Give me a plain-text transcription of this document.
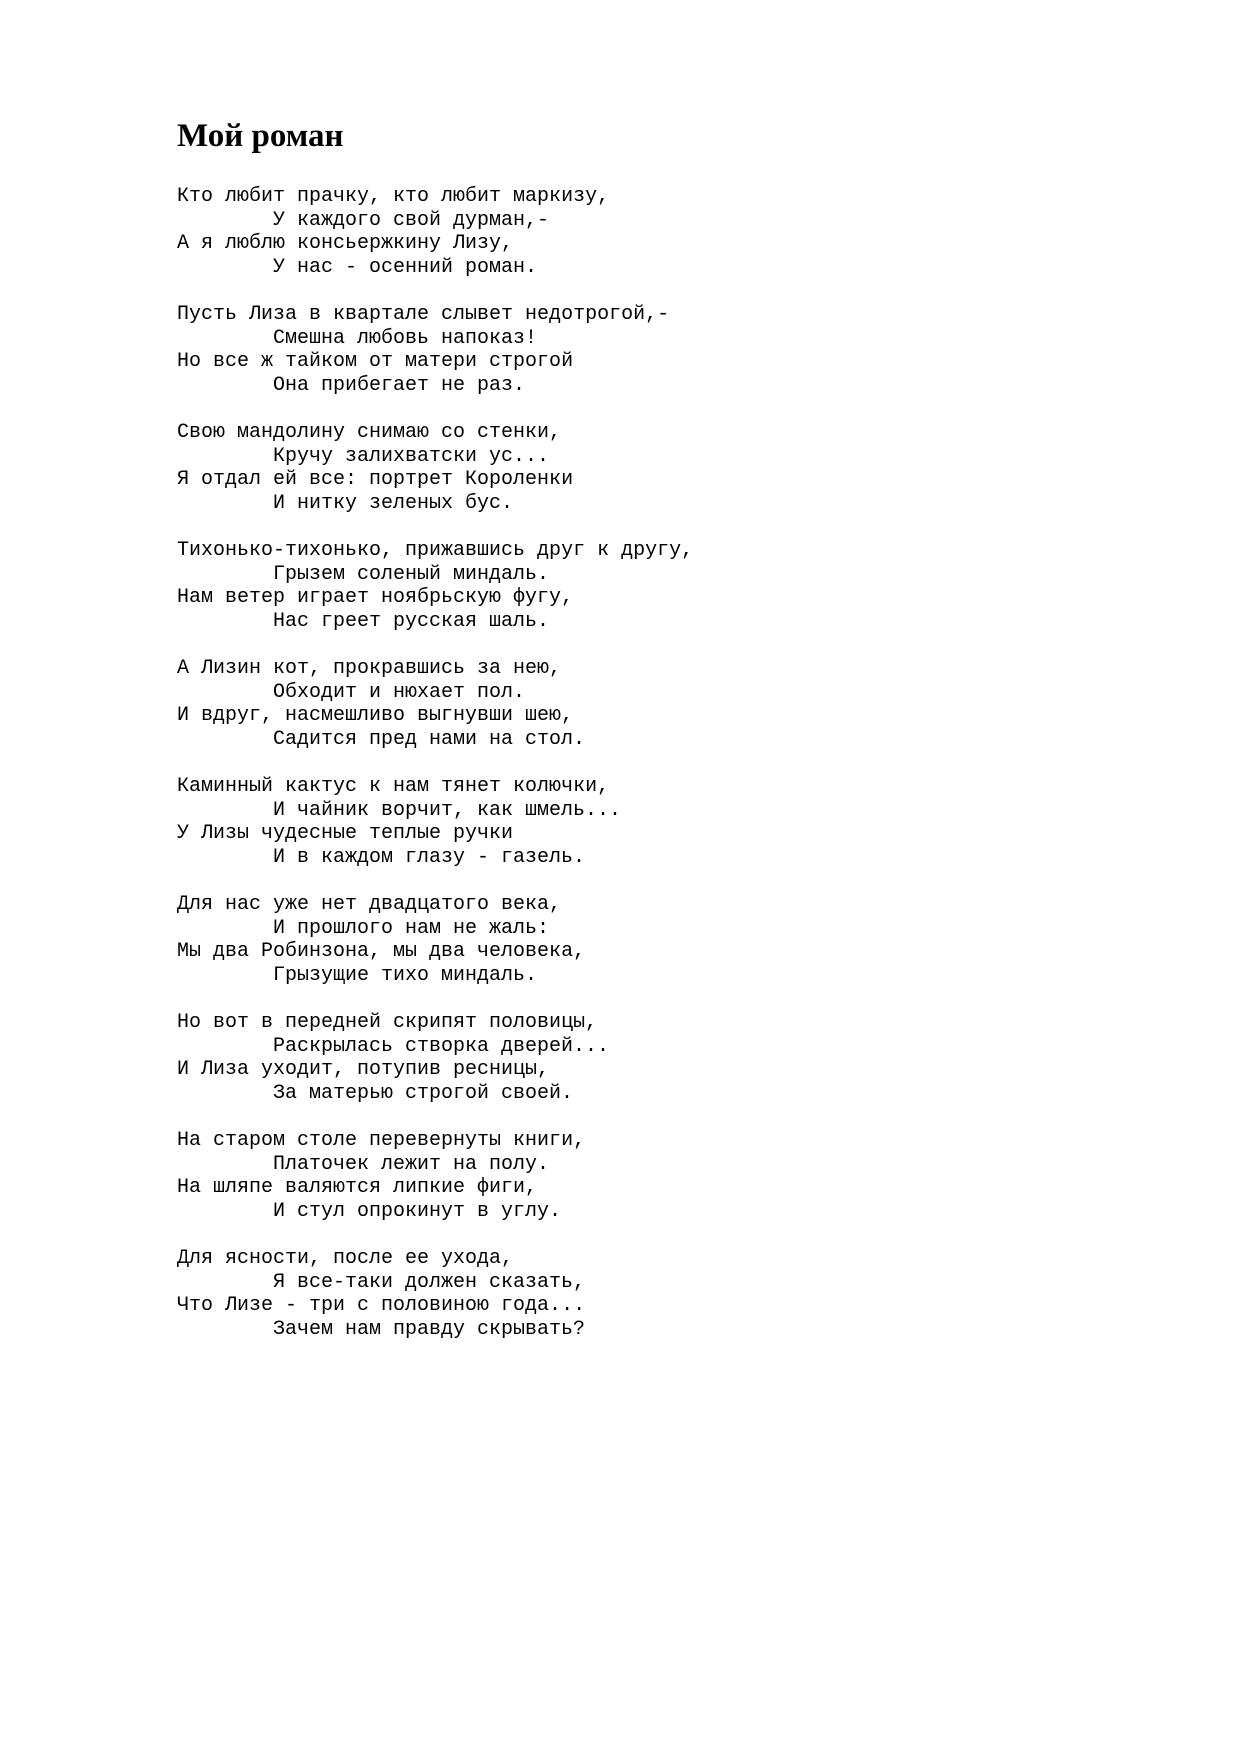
Мой роман
Кто любит прачку, кто любит маркизу,
У каждого свой дурман,-
А я люблю консьержкину Лизу,
У нас - осенний роман.
Пусть Лиза в квартале слывет недотрогой,-
Смешна любовь напоказ!
Но все ж тайком от матери строгой
Она прибегает не раз.
Свою мандолину снимаю со стенки,
Кручу залихватски ус...
Я отдал ей все: портрет Короленки
И нитку зеленых бус.
Тихонько-тихонько, прижавшись друг к другу,
Грызем соленый миндаль.
Нам ветер играет ноябрьскую фугу,
Нас греет русская шаль.
А Лизин кот, прокравшись за нею,
Обходит и нюхает пол.
И вдруг, насмешливо выгнувши шею,
Садится пред нами на стол.
Каминный кактус к нам тянет колючки,
И чайник ворчит, как шмель...
У Лизы чудесные теплые ручки
И в каждом глазу - газель.
Для нас уже нет двадцатого века,
И прошлого нам не жаль:
Мы два Робинзона, мы два человека,
Грызущие тихо миндаль.
Но вот в передней скрипят половицы,
Раскрылась створка дверей...
И Лиза уходит, потупив ресницы,
За матерью строгой своей.
На старом столе перевернуты книги,
Платочек лежит на полу.
На шляпе валяются липкие фиги,
И стул опрокинут в углу.
Для ясности, после ее ухода,
Я все-таки должен сказать,
Что Лизе - три с половиною года...
Зачем нам правду скрывать?
